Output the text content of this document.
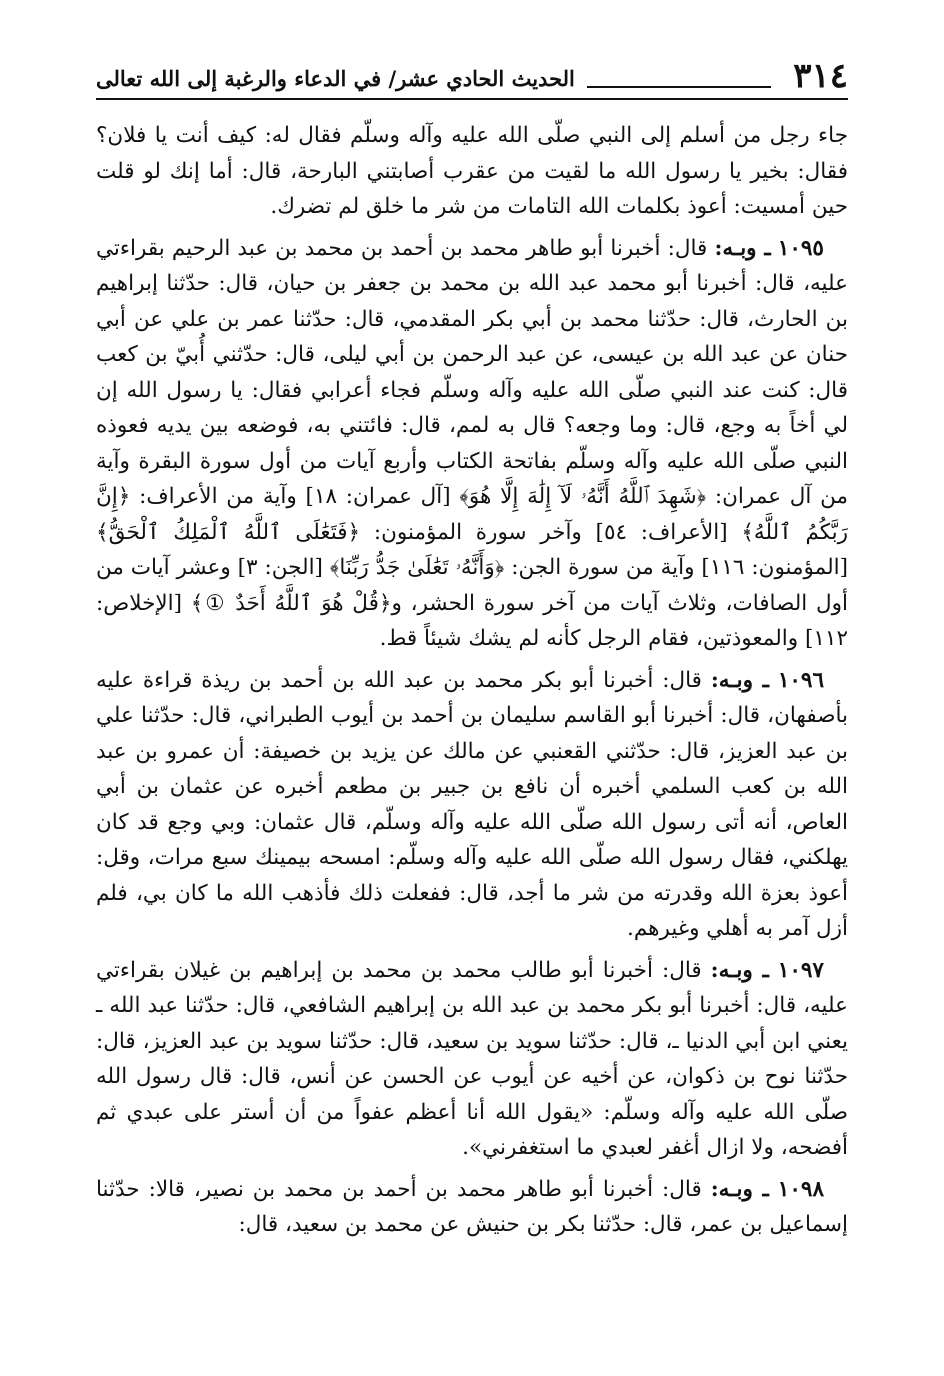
٣١٤
الحديث الحادي عشر/ في الدعاء والرغبة إلى الله تعالى

جاء رجل من أسلم إلى النبي صلّى الله عليه وآله وسلّم فقال له: كيف أنت يا فلان؟ فقال: بخير يا رسول الله ما لقيت من عقرب أصابتني البارحة، قال: أما إنك لو قلت حين أمسيت: أعوذ بكلمات الله التامات من شر ما خلق لم تضرك.

١٠٩٥ ـ وبـه: قال: أخبرنا أبو طاهر محمد بن أحمد بن محمد بن عبد الرحيم بقراءتي عليه، قال: أخبرنا أبو محمد عبد الله بن محمد بن جعفر بن حيان، قال: حدّثنا إبراهيم بن الحارث، قال: حدّثنا محمد بن أبي بكر المقدمي، قال: حدّثنا عمر بن علي عن أبي حنان عن عبد الله بن عيسى، عن عبد الرحمن بن أبي ليلى، قال: حدّثني أُبيّ بن كعب قال: كنت عند النبي صلّى الله عليه وآله وسلّم فجاء أعرابي فقال: يا رسول الله إن لي أخاً به وجع، قال: وما وجعه؟ قال به لمم، قال: فائتني به، فوضعه بين يديه فعوذه النبي صلّى الله عليه وآله وسلّم بفاتحة الكتاب وأربع آيات من أول سورة البقرة وآية من آل عمران: ﴿شَهِدَ ٱللَّهُ أَنَّهُۥ لَآ إِلَٰهَ إِلَّا هُوَ﴾ [آل عمران: ١٨] وآية من الأعراف: ﴿إِنَّ رَبَّكُمُ ٱللَّهُ﴾ [الأعراف: ٥٤] وآخر سورة المؤمنون: ﴿فَتَعَٰلَى ٱللَّهُ ٱلْمَلِكُ ٱلْحَقُّ﴾ [المؤمنون: ١١٦] وآية من سورة الجن: ﴿وَأَنَّهُۥ تَعَٰلَىٰ جَدُّ رَبِّنَا﴾ [الجن: ٣] وعشر آيات من أول الصافات، وثلاث آيات من آخر سورة الحشر، و﴿قُلْ هُوَ ٱللَّهُ أَحَدٌ ①﴾ [الإخلاص: ١١٢] والمعوذتين، فقام الرجل كأنه لم يشك شيئاً قط.

١٠٩٦ ـ وبـه: قال: أخبرنا أبو بكر محمد بن عبد الله بن أحمد بن ريذة قراءة عليه بأصفهان، قال: أخبرنا أبو القاسم سليمان بن أحمد بن أيوب الطبراني، قال: حدّثنا علي بن عبد العزيز، قال: حدّثني القعنبي عن مالك عن يزيد بن خصيفة: أن عمرو بن عبد الله بن كعب السلمي أخبره أن نافع بن جبير بن مطعم أخبره عن عثمان بن أبي العاص، أنه أتى رسول الله صلّى الله عليه وآله وسلّم، قال عثمان: وبي وجع قد كان يهلكني، فقال رسول الله صلّى الله عليه وآله وسلّم: امسحه بيمينك سبع مرات، وقل: أعوذ بعزة الله وقدرته من شر ما أجد، قال: ففعلت ذلك فأذهب الله ما كان بي، فلم أزل آمر به أهلي وغيرهم.

١٠٩٧ ـ وبـه: قال: أخبرنا أبو طالب محمد بن محمد بن إبراهيم بن غيلان بقراءتي عليه، قال: أخبرنا أبو بكر محمد بن عبد الله بن إبراهيم الشافعي، قال: حدّثنا عبد الله ـ يعني ابن أبي الدنيا ـ، قال: حدّثنا سويد بن سعيد، قال: حدّثنا سويد بن عبد العزيز، قال: حدّثنا نوح بن ذكوان، عن أخيه عن أيوب عن الحسن عن أنس، قال: قال رسول الله صلّى الله عليه وآله وسلّم: «يقول الله أنا أعظم عفواً من أن أستر على عبدي ثم أفضحه، ولا ازال أغفر لعبدي ما استغفرني».

١٠٩٨ ـ وبـه: قال: أخبرنا أبو طاهر محمد بن أحمد بن محمد بن نصير، قالا: حدّثنا إسماعيل بن عمر، قال: حدّثنا بكر بن حنيش عن محمد بن سعيد، قال:
